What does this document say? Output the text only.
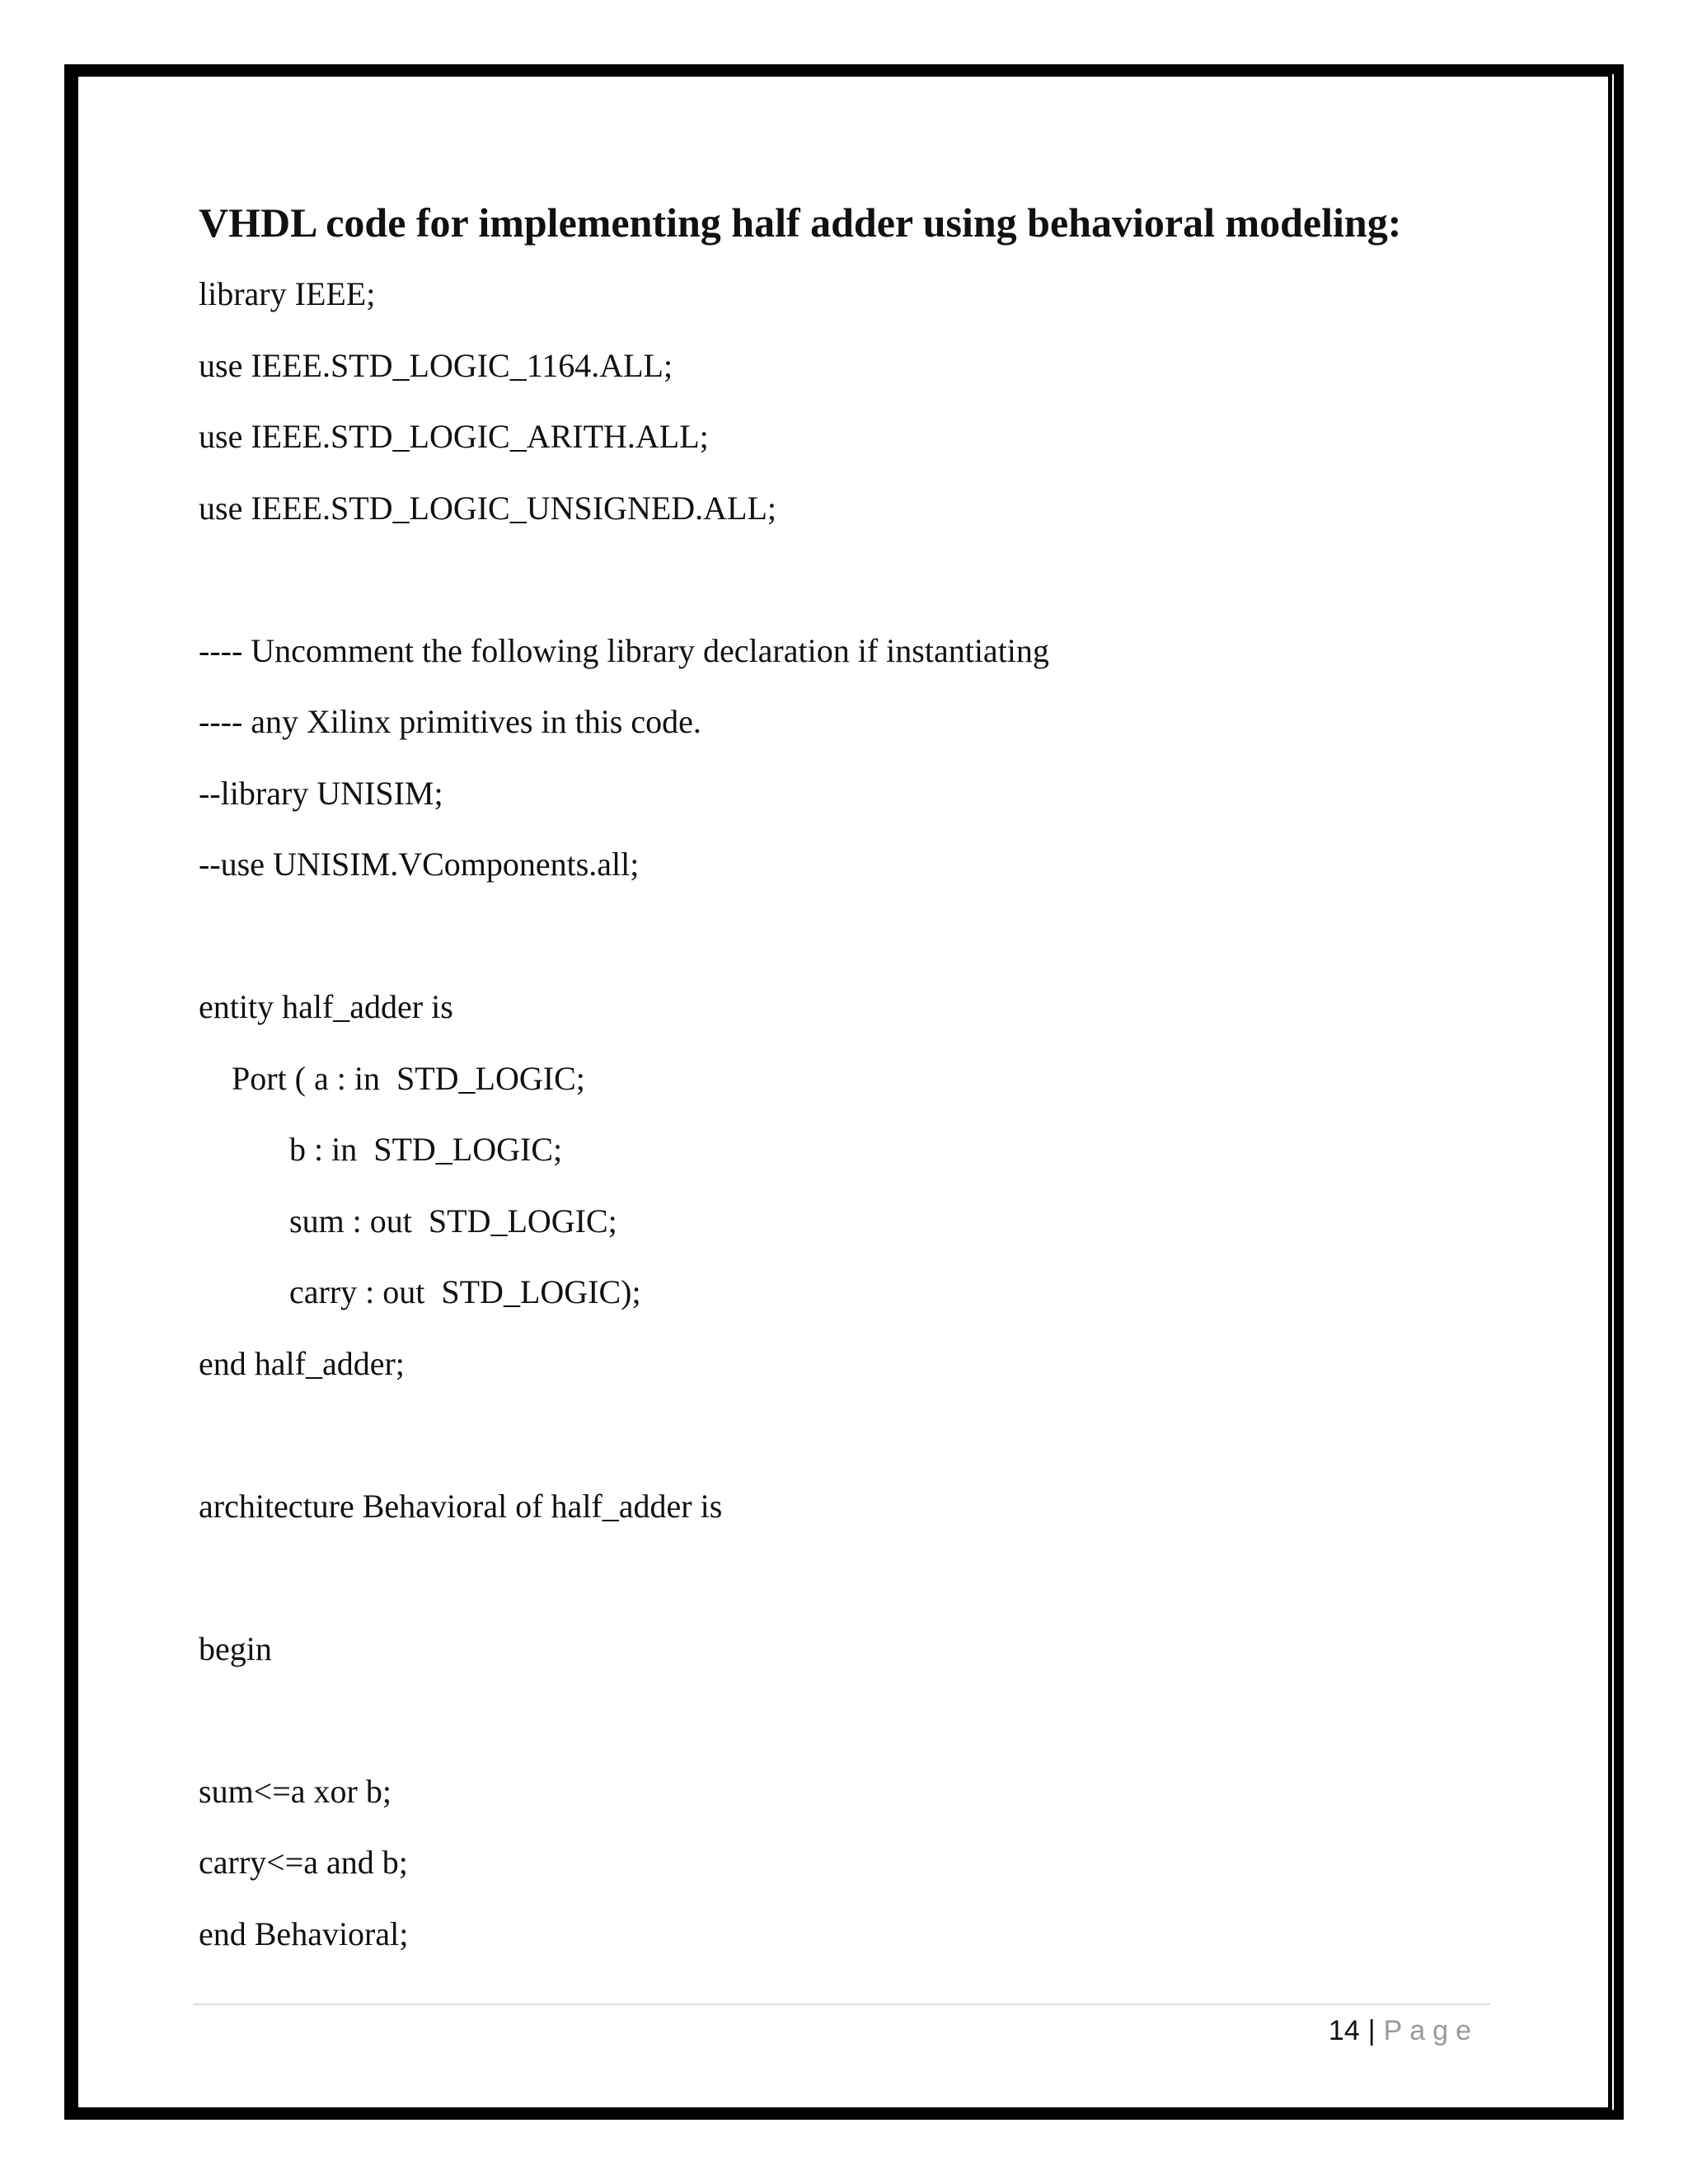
VHDL code for implementing half adder using behavioral modeling:
library IEEE;
use IEEE.STD_LOGIC_1164.ALL;
use IEEE.STD_LOGIC_ARITH.ALL;
use IEEE.STD_LOGIC_UNSIGNED.ALL;
---- Uncomment the following library declaration if instantiating
---- any Xilinx primitives in this code.
--library UNISIM;
--use UNISIM.VComponents.all;
entity half_adder is
Port ( a : in  STD_LOGIC;
b : in  STD_LOGIC;
sum : out  STD_LOGIC;
carry : out  STD_LOGIC);
end half_adder;
architecture Behavioral of half_adder is
begin
sum<=a xor b;
carry<=a and b;
end Behavioral;
14 | Page
